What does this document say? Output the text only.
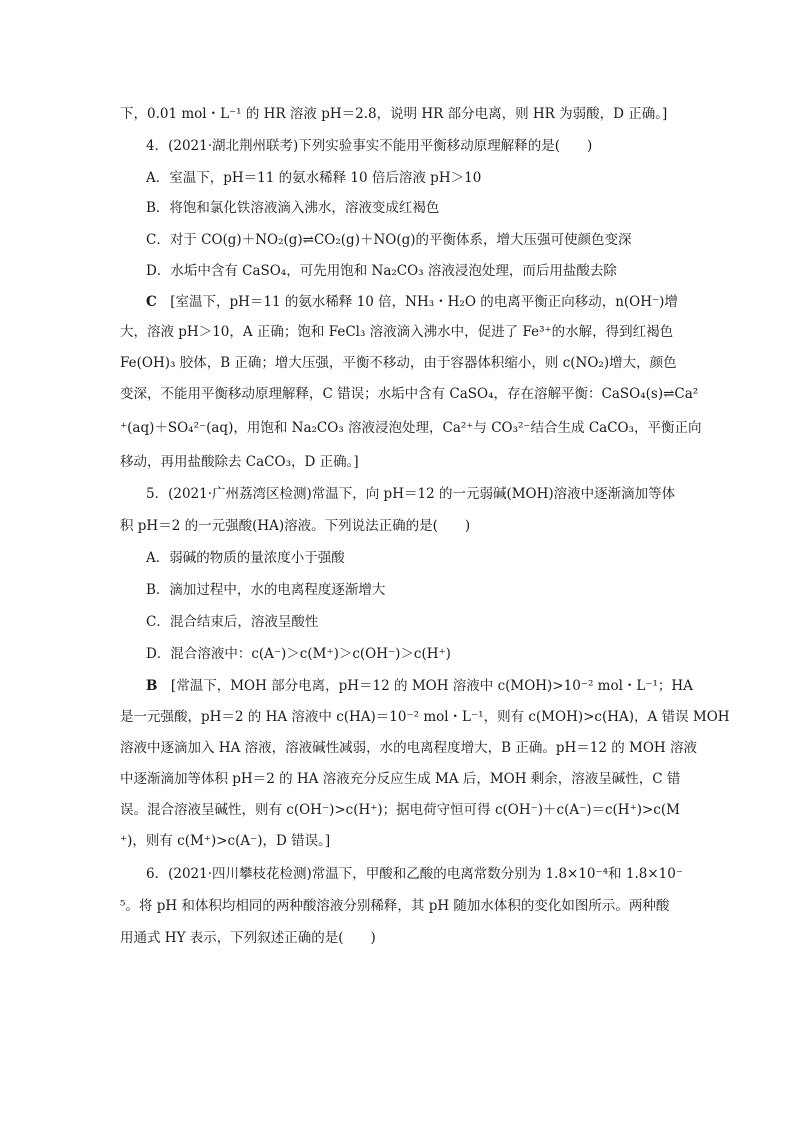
下，0.01 mol・L⁻¹ 的 HR 溶液 pH＝2.8，说明 HR 部分电离，则 HR 为弱酸，D 正确。]
4．(2021·湖北荆州联考)下列实验事实不能用平衡移动原理解释的是(　　)
A．室温下，pH＝11 的氨水稀释 10 倍后溶液 pH＞10
B．将饱和氯化铁溶液滴入沸水，溶液变成红褐色
C．对于 CO(g)＋NO₂(g)⇌CO₂(g)＋NO(g)的平衡体系，增大压强可使颜色变深
D．水垢中含有 CaSO₄，可先用饱和 Na₂CO₃ 溶液浸泡处理，而后用盐酸去除
C　[室温下，pH＝11 的氨水稀释 10 倍，NH₃・H₂O 的电离平衡正向移动，n(OH⁻)增
大，溶液 pH＞10，A 正确；饱和 FeCl₃ 溶液滴入沸水中，促进了 Fe³⁺的水解，得到红褐色
Fe(OH)₃ 胶体，B 正确；增大压强，平衡不移动，由于容器体积缩小，则 c(NO₂)增大，颜色
变深，不能用平衡移动原理解释，C 错误；水垢中含有 CaSO₄，存在溶解平衡：CaSO₄(s)⇌Ca²
⁺(aq)＋SO₄²⁻(aq)，用饱和 Na₂CO₃ 溶液浸泡处理，Ca²⁺与 CO₃²⁻结合生成 CaCO₃，平衡正向
移动，再用盐酸除去 CaCO₃，D 正确。]
5．(2021·广州荔湾区检测)常温下，向 pH＝12 的一元弱碱(MOH)溶液中逐渐滴加等体
积 pH＝2 的一元强酸(HA)溶液。下列说法正确的是(　　)
A．弱碱的物质的量浓度小于强酸
B．滴加过程中，水的电离程度逐渐增大
C．混合结束后，溶液呈酸性
D．混合溶液中：c(A⁻)＞c(M⁺)＞c(OH⁻)＞c(H⁺)
B　[常温下，MOH 部分电离，pH＝12 的 MOH 溶液中 c(MOH)>10⁻² mol・L⁻¹；HA
是一元强酸，pH＝2 的 HA 溶液中 c(HA)＝10⁻² mol・L⁻¹，则有 c(MOH)>c(HA)，A 错误 MOH
溶液中逐滴加入 HA 溶液，溶液碱性减弱，水的电离程度增大，B 正确。pH＝12 的 MOH 溶液
中逐渐滴加等体积 pH＝2 的 HA 溶液充分反应生成 MA 后，MOH 剩余，溶液呈碱性，C 错
误。混合溶液呈碱性，则有 c(OH⁻)>c(H⁺)；据电荷守恒可得 c(OH⁻)＋c(A⁻)＝c(H⁺)>c(M
⁺)，则有 c(M⁺)>c(A⁻)，D 错误。]
6．(2021·四川攀枝花检测)常温下，甲酸和乙酸的电离常数分别为 1.8×10⁻⁴和 1.8×10⁻
⁵。将 pH 和体积均相同的两种酸溶液分别稀释，其 pH 随加水体积的变化如图所示。两种酸
用通式 HY 表示，下列叙述正确的是(　　)
